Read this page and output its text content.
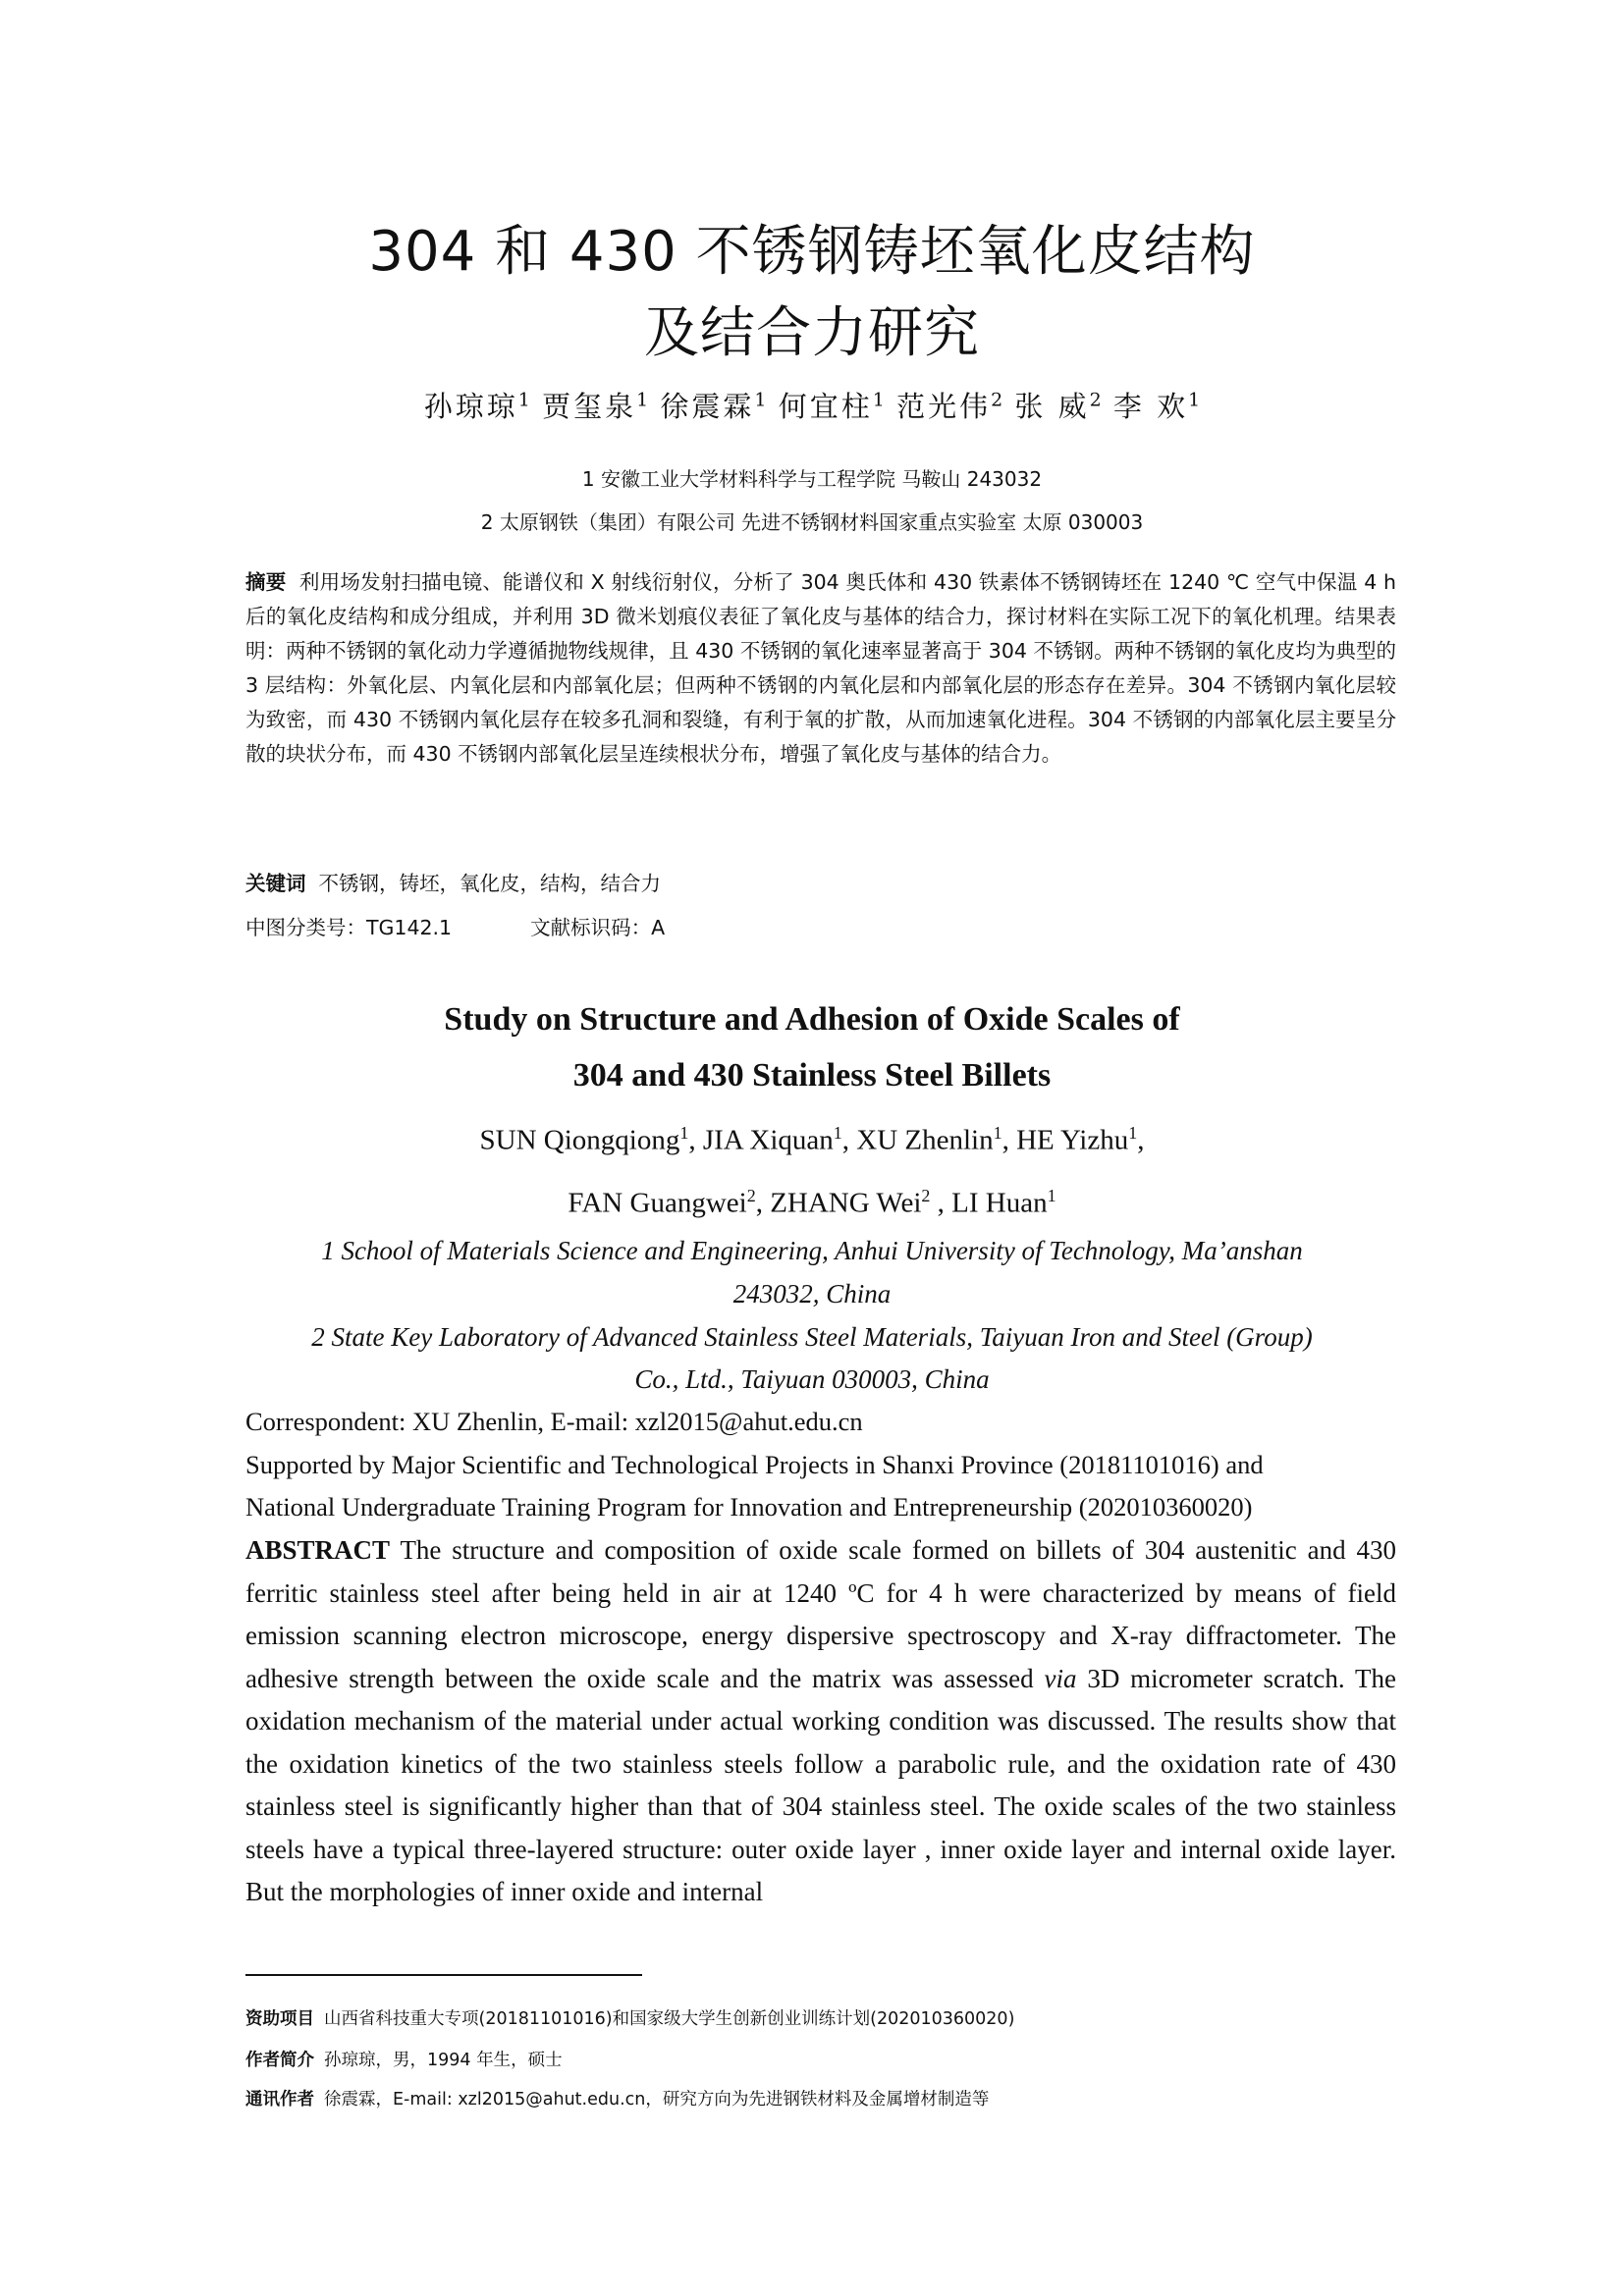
304 和 430 不锈钢铸坯氧化皮结构
及结合力研究
孙琼琼$^1$ 贾玺泉$^1$ 徐震霖$^1$ 何宜柱$^1$ 范光伟$^2$ 张 威$^2$ 李 欢$^1$
1 安徽工业大学材料科学与工程学院 马鞍山 243032
2 太原钢铁（集团）有限公司 先进不锈钢材料国家重点实验室 太原 030003

摘要 利用场发射扫描电镜、能谱仪和 X 射线衍射仪，分析了 304 奥氏体和 430 铁素体不锈钢铸坯在 1240 ℃ 空气中保温 4 h 后的氧化皮结构和成分组成，并利用 3D 微米划痕仪表征了氧化皮与基体的结合力，探讨材料在实际工况下的氧化机理。结果表明：两种不锈钢的氧化动力学遵循抛物线规律，且 430 不锈钢的氧化速率显著高于 304 不锈钢。两种不锈钢的氧化皮均为典型的 3 层结构：外氧化层、内氧化层和内部氧化层；但两种不锈钢的内氧化层和内部氧化层的形态存在差异。304 不锈钢内氧化层较为致密，而 430 不锈钢内氧化层存在较多孔洞和裂缝，有利于氧的扩散，从而加速氧化进程。304 不锈钢的内部氧化层主要呈分散的块状分布，而 430 不锈钢内部氧化层呈连续根状分布，增强了氧化皮与基体的结合力。

关键词 不锈钢，铸坯，氧化皮，结构，结合力
中图分类号：TG142.1	文献标识码：A
Study on Structure and Adhesion of Oxide Scales of
304 and 430 Stainless Steel Billets
SUN Qiongqiong$^1$, JIA Xiquan$^1$, XU Zhenlin$^1$, HE Yizhu$^1$,
FAN Guangwei$^2$, ZHANG Wei$^2$ , LI Huan$^1$
1 School of Materials Science and Engineering, Anhui University of Technology, Ma’anshan
243032, China
2 State Key Laboratory of Advanced Stainless Steel Materials, Taiyuan Iron and Steel (Group)
Co., Ltd., Taiyuan 030003, China
Correspondent: XU Zhenlin, E-mail: xzl2015@ahut.edu.cn
Supported by Major Scientific and Technological Projects in Shanxi Province (20181101016) and
National Undergraduate Training Program for Innovation and Entrepreneurship (202010360020)

ABSTRACT The structure and composition of oxide scale formed on billets of 304 austenitic and 430 ferritic stainless steel after being held in air at 1240 ºC for 4 h were characterized by means of field emission scanning electron microscope, energy dispersive spectroscopy and X-ray diffractometer. The adhesive strength between the oxide scale and the matrix was assessed via 3D micrometer scratch. The oxidation mechanism of the material under actual working condition was discussed. The results show that the oxidation kinetics of the two stainless steels follow a parabolic rule, and the oxidation rate of 430 stainless steel is significantly higher than that of 304 stainless steel. The oxide scales of the two stainless steels have a typical three-layered structure: outer oxide layer , inner oxide layer and internal oxide layer. But the morphologies of inner oxide and internal

资助项目 山西省科技重大专项(20181101016)和国家级大学生创新创业训练计划(202010360020)
作者简介 孙琼琼，男，1994 年生，硕士
通讯作者 徐震霖，E-mail: xzl2015@ahut.edu.cn，研究方向为先进钢铁材料及金属增材制造等
